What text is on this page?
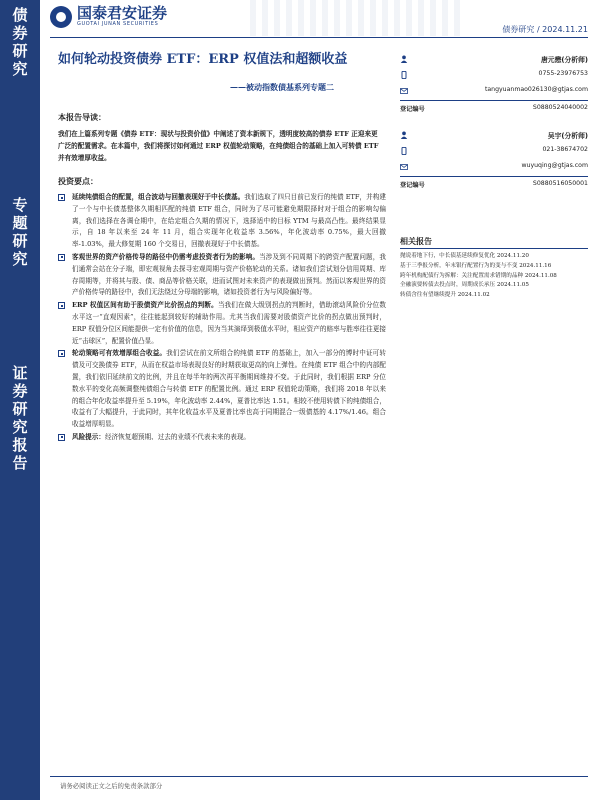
债券研究
专题研究
证券研究报告
国泰君安证券
GUOTAI JUNAN SECURITIES
债券研究 / 2024.11.21
如何轮动投资债券 ETF：ERP 权值法和超额收益
——被动指数债基系列专题二
本报告导读：
我们在上篇系列专题《债券 ETF：现状与投资价值》中阐述了资本新规下，透明度较高的债券 ETF 正迎来更广泛的配置需求。在本篇中，我们将探讨如何通过 ERP 权值轮动策略，在纯债组合的基础上加入可转债 ETF 并有效增厚收益。
投资要点：
延续纯债组合的配置，组合波动与回撤表现好于中长债基。我们选取了四只目前已发行的纯债 ETF，并构建了一个与中长债基整体久期相匹配的纯债 ETF 组合，同时为了尽可能避免期限择时对于组合的影响勾偏离，我们选择在各调仓期中，在给定组合久期的情况下，选择适中的目标 YTM 与最高凸性。最终结果显示，自 18 年以来至 24 年 11 月，组合实现年化收益率 3.56%，年化波动率 0.75%，最大回撤率-1.03%，最大修复期 160 个交易日，回撤表现好于中长债基。
客观世界的资产价格传导的路径中仍需考虑投资者行为的影响。当涉及到不同周期下的跨资产配置问题，我们通常会站在分子端，即宏观视角去探寻宏观周期与资产价格轮动的关系。诸如我们尝试划分信用周期、库存周期等，并将其与股、债、商品等价格关联，进而试图对未来资产的表现做出预判。然而以客观世界的资产价格传导的路径中，我们无法绕过分母端的影响，诸如投资者行为与风险偏好等。
ERP 权值区间有助于股债资产比价拐点的判断。当我们在做大级别拐点的判断时，借助滚动风险价分位数水平这一“直观因素”，往往能起到较好的辅助作用。尤其当我们需要对股债资产比价的拐点做出预判时，ERP 权值分位区间能提供一定有价值的信息，因为当其演绎到极值水平时，相应资产的赔率与胜率往往更接近“击球区”，配置价值凸显。
轮动策略可有效增厚组合收益。我们尝试在前文所组合的纯债 ETF 的基础上，加入一部分的博时中证可转债及可交换债券 ETF，从而在权益市场表现良好的时期获取更高的向上弹性。在纯债 ETF 组合中的内部配置，我们依旧延续前文的比例，并且在每半年的两次再平衡期间维持不变。于此同时，我们根据 ERP 分位数水平的变化高频调整纯债组合与转债 ETF 的配置比例。通过 ERP 权值轮动策略，我们将 2018 年以来的组合年化收益率提升至 5.19%，年化波动率 2.44%，夏普比率达 1.51。相较不使用转债下的纯债组合，收益有了大幅提升，于此同时，其年化收益水平及夏普比率也高于同期混合一级债基的 4.17%/1.46。组合收益增厚明显。
风险提示：经济恢复超预期、过去的业绩不代表未来的表现。
唐元懋(分析师)
0755-23976753
tangyuanmao026130@gtjas.com
登记编号	S0880524040002
吴宇(分析师)
021-38674702
wuyuqing@gtjas.com
登记编号	S0880516050001
相关报告
抛说着地下行，中长债基延续修复优化 2024.11.20
基于三季报分析，年末银行配置行为的变与不变 2024.11.16
跨年机构配债行为拆解：关注配置需求错期的品种 2024.11.08
全融演要转债去投点时，周期成长承压 2024.11.05
转债含往有望继续提升 2024.11.02
请务必阅读正文之后的免责条款部分
